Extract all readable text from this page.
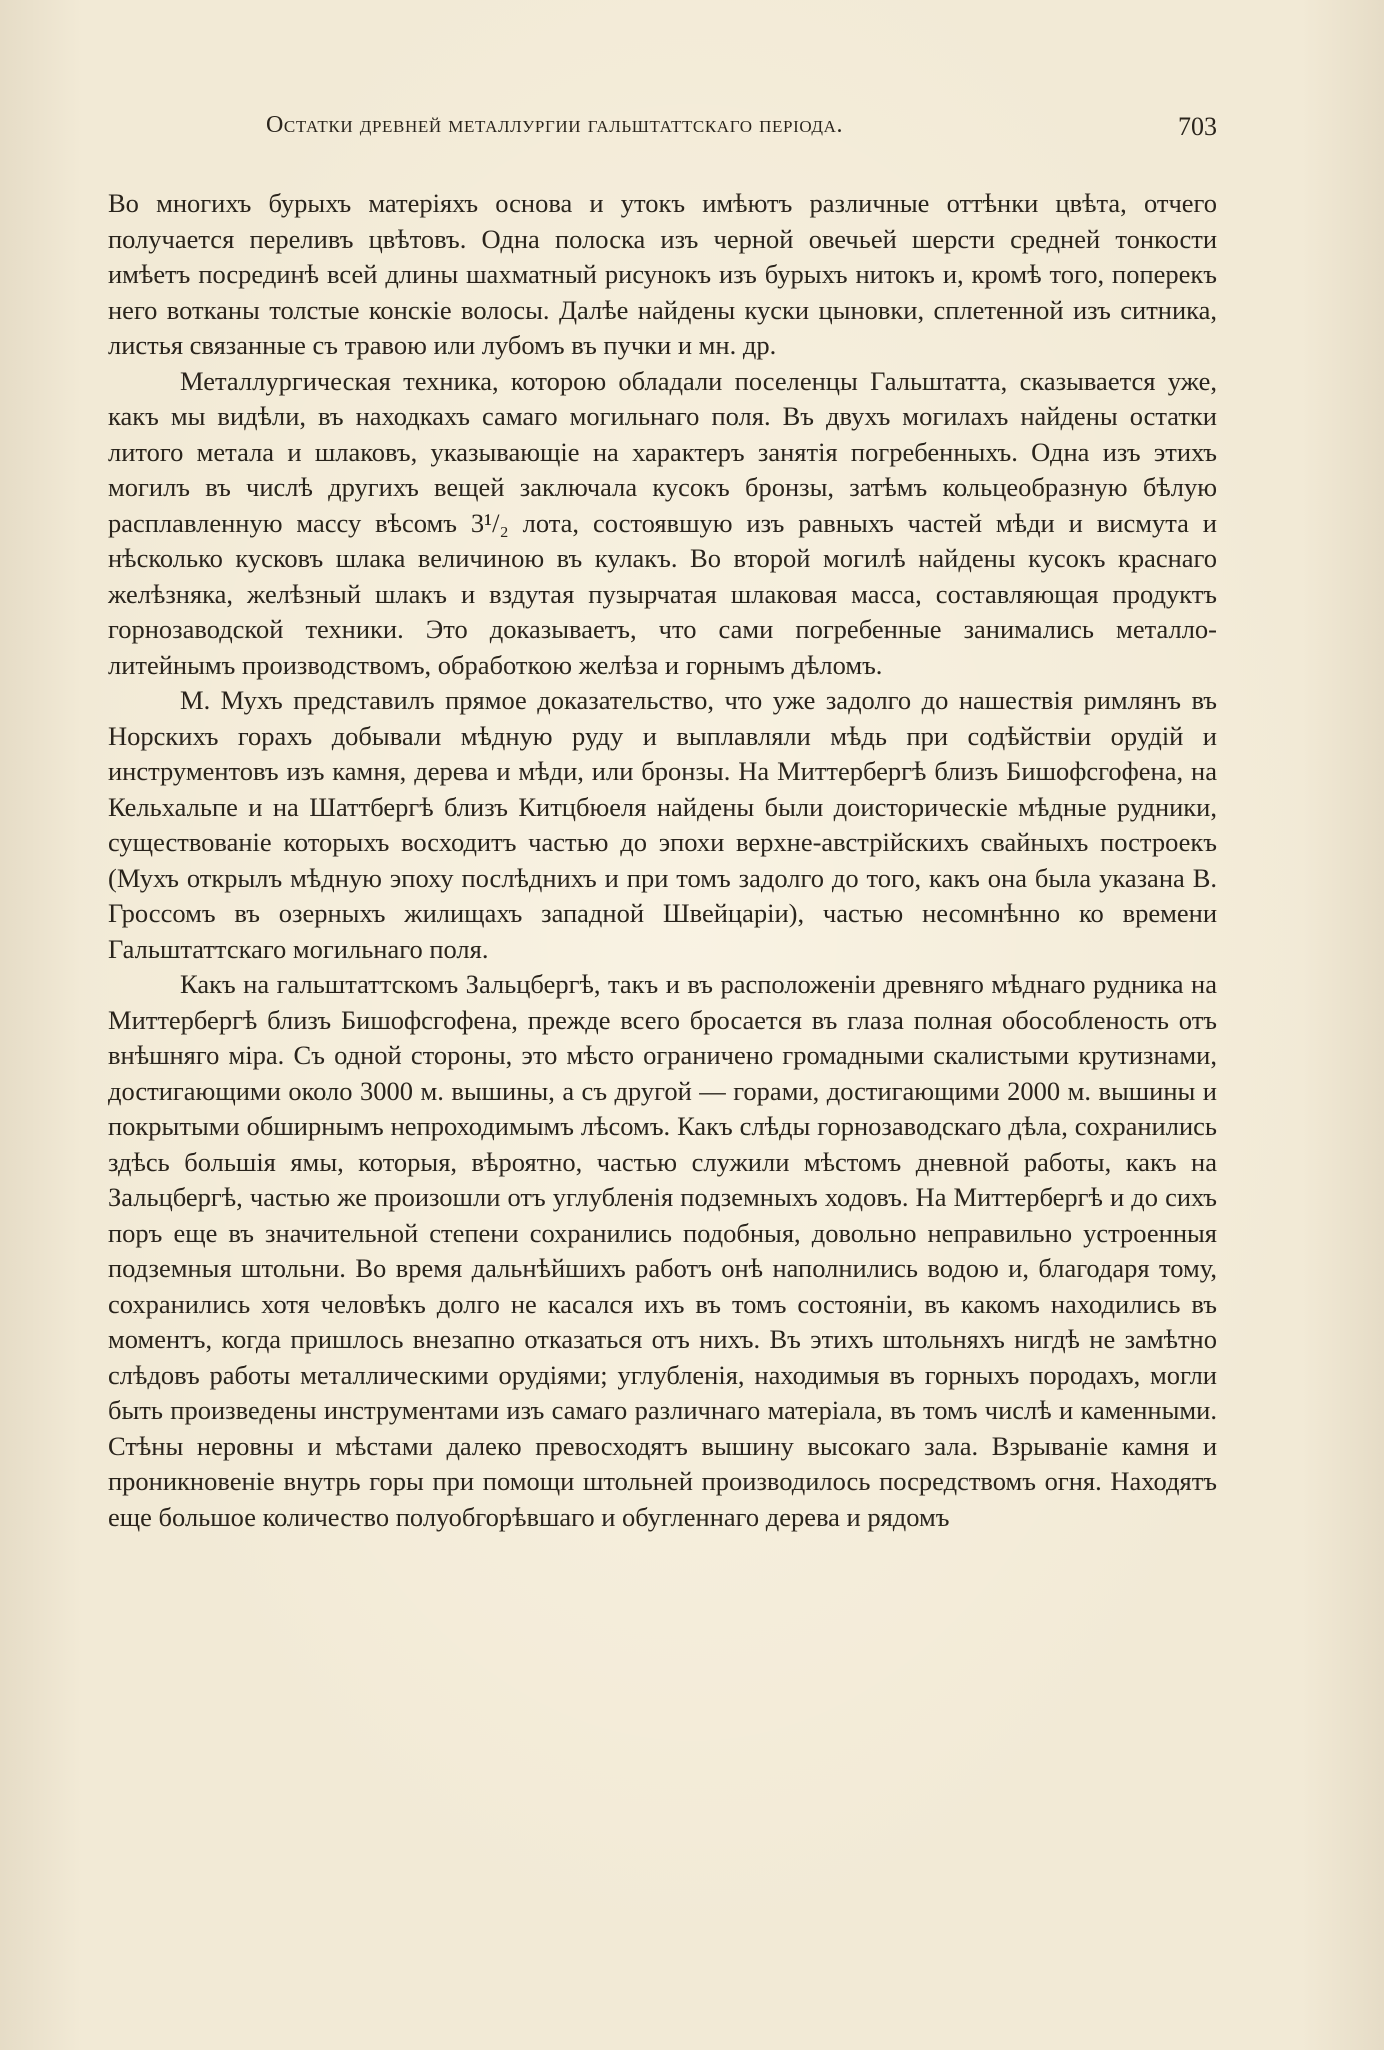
Остатки древней металлургии гальштаттскаго періода.	703

Во многихъ бурыхъ матеріяхъ основа и утокъ имѣютъ различные оттѣнки цвѣта, отчего получается переливъ цвѣтовъ. Одна полоска изъ черной овечьей шерсти средней тонкости имѣетъ посрединѣ всей длины шахматный рисунокъ изъ бурыхъ нитокъ и, кромѣ того, поперекъ него вотканы толстые конскіе волосы. Далѣе найдены куски цыновки, сплетенной изъ ситника, листья связанные съ травою или лубомъ въ пучки и мн. др.

Металлургическая техника, которою обладали поселенцы Гальштатта, сказывается уже, какъ мы видѣли, въ находкахъ самаго могильнаго поля. Въ двухъ могилахъ найдены остатки литого метала и шлаковъ, указывающіе на характеръ занятія погребенныхъ. Одна изъ этихъ могилъ въ числѣ другихъ вещей заключала кусокъ бронзы, затѣмъ кольцеобразную бѣлую расплавленную массу вѣсомъ 3¹/₂ лота, состоявшую изъ равныхъ частей мѣди и висмута и нѣсколько кусковъ шлака величиною въ кулакъ. Во второй могилѣ найдены кусокъ краснаго желѣзняка, желѣзный шлакъ и вздутая пузырчатая шлаковая масса, составляющая продуктъ горнозаводской техники. Это доказываетъ, что сами погребенные занимались металло-литейнымъ производствомъ, обработкою желѣза и горнымъ дѣломъ.

М. Мухъ представилъ прямое доказательство, что уже задолго до нашествія римлянъ въ Норскихъ горахъ добывали мѣдную руду и выплавляли мѣдь при содѣйствіи орудій и инструментовъ изъ камня, дерева и мѣди, или бронзы. На Миттербергѣ близъ Бишофсгофена, на Кельхальпе и на Шаттбергѣ близъ Китцбюеля найдены были доисторическіе мѣдные рудники, существованіе которыхъ восходитъ частью до эпохи верхне-австрійскихъ свайныхъ построекъ (Мухъ открылъ мѣдную эпоху послѣднихъ и при томъ задолго до того, какъ она была указана В. Гроссомъ въ озерныхъ жилищахъ западной Швейцаріи), частью несомнѣнно ко времени Гальштаттскаго могильнаго поля.

Какъ на гальштаттскомъ Зальцбергѣ, такъ и въ расположеніи древняго мѣднаго рудника на Миттербергѣ близъ Бишофсгофена, прежде всего бросается въ глаза полная обособленость отъ внѣшняго міра. Съ одной стороны, это мѣсто ограничено громадными скалистыми крутизнами, достигающими около 3000 м. вышины, а съ другой — горами, достигающими 2000 м. вышины и покрытыми обширнымъ непроходимымъ лѣсомъ. Какъ слѣды горнозаводскаго дѣла, сохранились здѣсь большія ямы, которыя, вѣроятно, частью служили мѣстомъ дневной работы, какъ на Зальцбергѣ, частью же произошли отъ углубленія подземныхъ ходовъ. На Миттербергѣ и до сихъ поръ еще въ значительной степени сохранились подобныя, довольно неправильно устроенныя подземныя штольни. Во время дальнѣйшихъ работъ онѣ наполнились водою и, благодаря тому, сохранились хотя человѣкъ долго не касался ихъ въ томъ состояніи, въ какомъ находились въ моментъ, когда пришлось внезапно отказаться отъ нихъ. Въ этихъ штольняхъ нигдѣ не замѣтно слѣдовъ работы металлическими орудіями; углубленія, находимыя въ горныхъ породахъ, могли быть произведены инструментами изъ самаго различнаго матеріала, въ томъ числѣ и каменными. Стѣны неровны и мѣстами далеко превосходятъ вышину высокаго зала. Взрываніе камня и проникновеніе внутрь горы при помощи штольней производилось посредствомъ огня. Находятъ еще большое количество полуобгорѣвшаго и обугленнаго дерева и рядомъ
